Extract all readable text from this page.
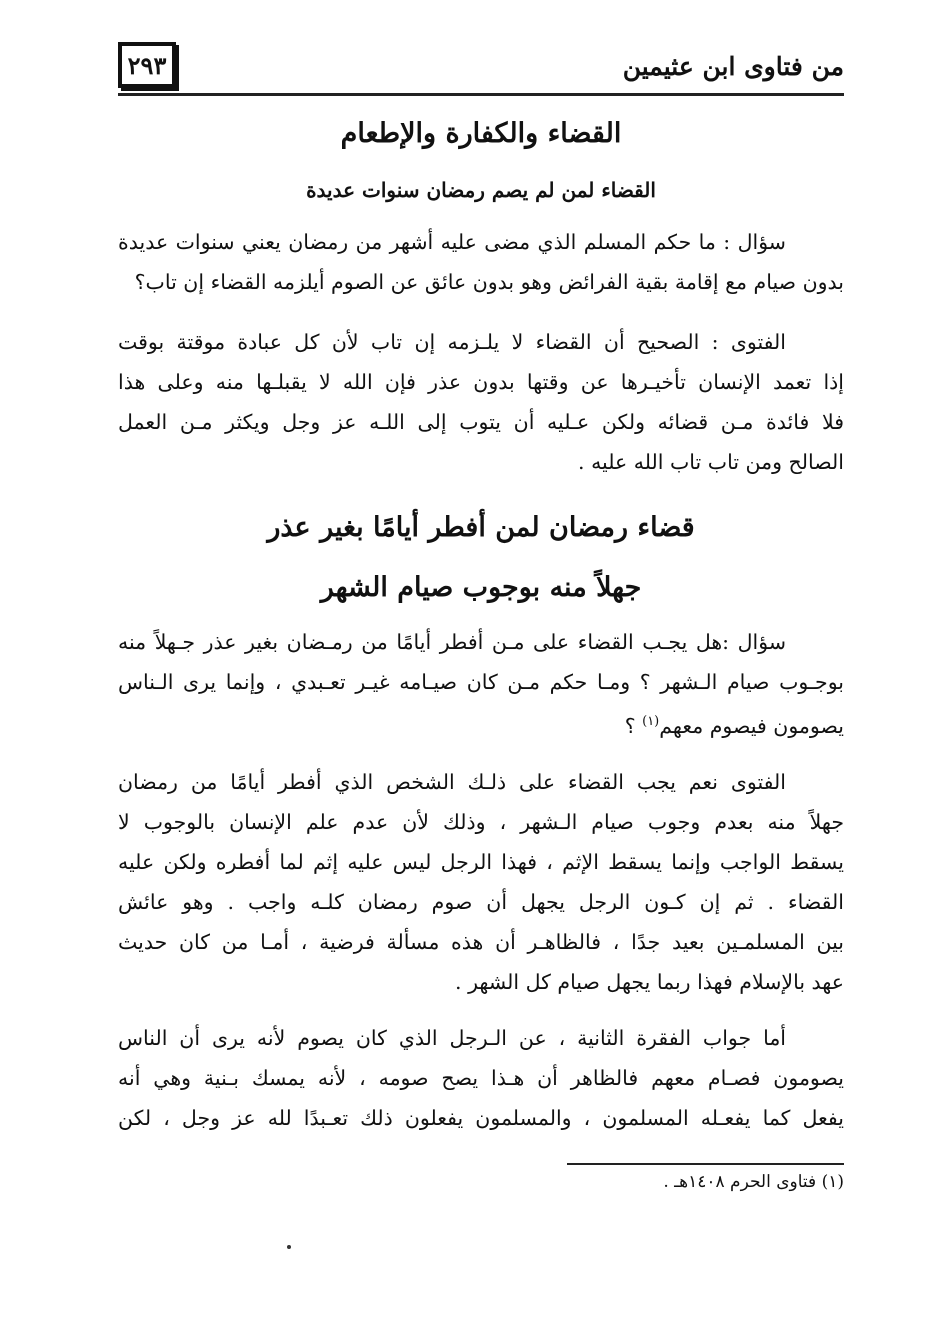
من فتاوى ابن عثيمين
٢٩٣
القضاء والكفارة والإطعام
القضاء لمن لم يصم رمضان سنوات عديدة
سؤال : ما حكم المسلم الذي مضى عليه أشهر من رمضان يعني سنوات عديدة
بدون صيام مع إقامة بقية الفرائض وهو بدون عائق عن الصوم أيلزمه القضاء إن تاب؟
الفتوى : الصحيح أن القضاء لا يلـزمه إن تاب لأن كل عبادة موقتة بوقت
إذا تعمد الإنسان تأخيـرها عن وقتها بدون عذر فإن الله لا يقبلـها منه وعلى هذا
فلا فائدة مـن قضائه ولكن عـليه أن يتوب إلى اللـه عز وجل ويكثر مـن العمل
الصالح ومن تاب تاب الله عليه .
قضاء رمضان لمن أفطر أيامًا بغير عذر
جهلاً منه بوجوب صيام الشهر
سؤال :هل يجـب القضاء على مـن أفطر أيامًا من رمـضان بغير عذر جـهلاً منه
بوجـوب صيام الـشهر ؟ ومـا حكم مـن كان صيـامه غيـر تعـبدي ، وإنما يرى الـناس
يصومون فيصوم معهم$^{(١)}$ ؟
الفتوى نعم يجب القضاء على ذلـك الشخص الذي أفطر أيامًا من رمضان
جهلاً منه بعدم وجوب صيام الـشهر ، وذلك لأن عدم علم الإنسان بالوجوب لا
يسقط الواجب وإنما يسقط الإثم ، فهذا الرجل ليس عليه إثم لما أفطره ولكن عليه
القضاء . ثم إن كـون الرجل يجهل أن صوم رمضان كلـه واجب . وهو عائش
بين المسلمـين بعيد جدًا ، فالظاهـر أن هذه مسألة فرضية ، أمـا من كان حديث
عهد بالإسلام فهذا ربما يجهل صيام كل الشهر .
أما جواب الفقرة الثانية ، عن الـرجل الذي كان يصوم لأنه يرى أن الناس
يصومون فصـام معهم فالظاهر أن هـذا يصح صومه ، لأنه يمسك بـنية وهي أنه
يفعل كما يفعـله المسلمون ، والمسلمون يفعلون ذلك تعـبدًا لله عز وجل ، لكن
(١) فتاوى الحرم ١٤٠٨هـ .
